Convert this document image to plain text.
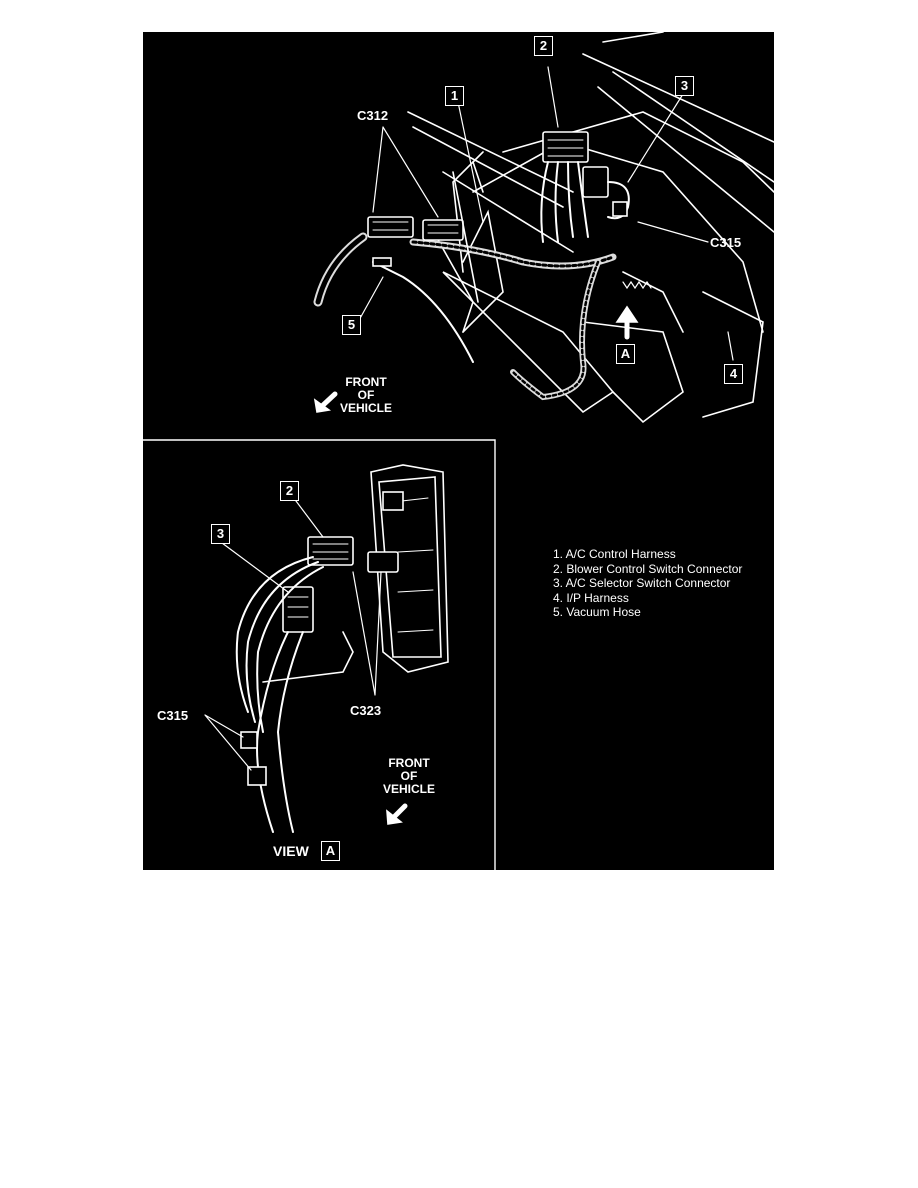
1
2
3
4
5
A
C312
C315
FRONT
OF
VEHICLE
2
3
C315	C323
FRONT
OF
VEHICLE
VIEW	A
1. A/C Control Harness
2. Blower Control Switch Connector
3. A/C Selector Switch Connector
4. I/P Harness
5. Vacuum Hose
